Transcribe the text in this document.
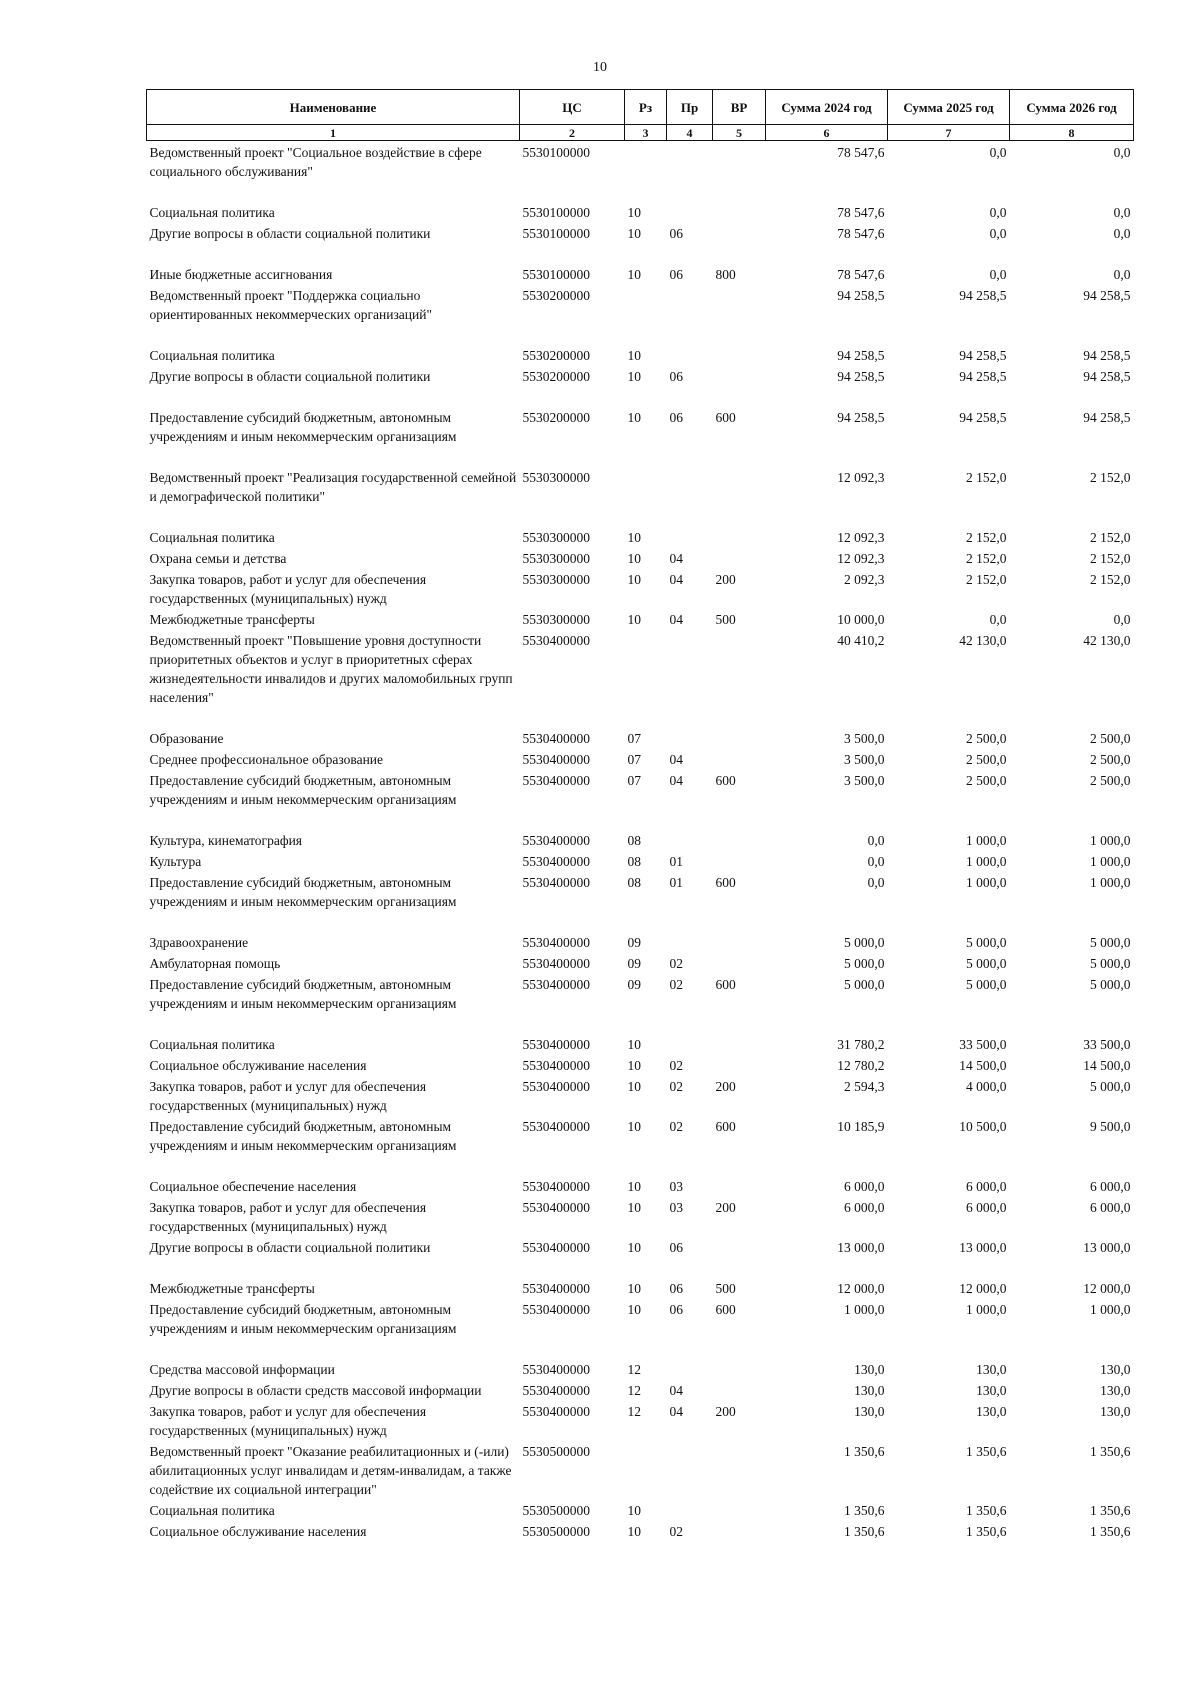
10
Наименование	ЦС	Рз	Пр	ВР	Сумма 2024 год	Сумма 2025 год	Сумма 2026 год
1	2	3	4	5	6	7	8
Ведомственный проект "Социальное воздействие в сфере социального обслуживания"	5530100000				78 547,6	0,0	0,0
Социальная политика	5530100000	10			78 547,6	0,0	0,0
Другие вопросы в области социальной политики	5530100000	10	06		78 547,6	0,0	0,0
Иные бюджетные ассигнования	5530100000	10	06	800	78 547,6	0,0	0,0
Ведомственный проект "Поддержка социально ориентированных некоммерческих организаций"	5530200000				94 258,5	94 258,5	94 258,5
Социальная политика	5530200000	10			94 258,5	94 258,5	94 258,5
Другие вопросы в области социальной политики	5530200000	10	06		94 258,5	94 258,5	94 258,5
Предоставление субсидий бюджетным, автономным учреждениям и иным некоммерческим организациям	5530200000	10	06	600	94 258,5	94 258,5	94 258,5
Ведомственный проект "Реализация государственной семейной и демографической политики"	5530300000				12 092,3	2 152,0	2 152,0
Социальная политика	5530300000	10			12 092,3	2 152,0	2 152,0
Охрана семьи и детства	5530300000	10	04		12 092,3	2 152,0	2 152,0
Закупка товаров, работ и услуг для обеспечения государственных (муниципальных) нужд	5530300000	10	04	200	2 092,3	2 152,0	2 152,0
Межбюджетные трансферты	5530300000	10	04	500	10 000,0	0,0	0,0
Ведомственный проект "Повышение уровня доступности приоритетных объектов и услуг в приоритетных сферах жизнедеятельности инвалидов и других маломобильных групп населения"	5530400000				40 410,2	42 130,0	42 130,0
Образование	5530400000	07			3 500,0	2 500,0	2 500,0
Среднее профессиональное образование	5530400000	07	04		3 500,0	2 500,0	2 500,0
Предоставление субсидий бюджетным, автономным учреждениям и иным некоммерческим организациям	5530400000	07	04	600	3 500,0	2 500,0	2 500,0
Культура, кинематография	5530400000	08			0,0	1 000,0	1 000,0
Культура	5530400000	08	01		0,0	1 000,0	1 000,0
Предоставление субсидий бюджетным, автономным учреждениям и иным некоммерческим организациям	5530400000	08	01	600	0,0	1 000,0	1 000,0
Здравоохранение	5530400000	09			5 000,0	5 000,0	5 000,0
Амбулаторная помощь	5530400000	09	02		5 000,0	5 000,0	5 000,0
Предоставление субсидий бюджетным, автономным учреждениям и иным некоммерческим организациям	5530400000	09	02	600	5 000,0	5 000,0	5 000,0
Социальная политика	5530400000	10			31 780,2	33 500,0	33 500,0
Социальное обслуживание населения	5530400000	10	02		12 780,2	14 500,0	14 500,0
Закупка товаров, работ и услуг для обеспечения государственных (муниципальных) нужд	5530400000	10	02	200	2 594,3	4 000,0	5 000,0
Предоставление субсидий бюджетным, автономным учреждениям и иным некоммерческим организациям	5530400000	10	02	600	10 185,9	10 500,0	9 500,0
Социальное обеспечение населения	5530400000	10	03		6 000,0	6 000,0	6 000,0
Закупка товаров, работ и услуг для обеспечения государственных (муниципальных) нужд	5530400000	10	03	200	6 000,0	6 000,0	6 000,0
Другие вопросы в области социальной политики	5530400000	10	06		13 000,0	13 000,0	13 000,0
Межбюджетные трансферты	5530400000	10	06	500	12 000,0	12 000,0	12 000,0
Предоставление субсидий бюджетным, автономным учреждениям и иным некоммерческим организациям	5530400000	10	06	600	1 000,0	1 000,0	1 000,0
Средства массовой информации	5530400000	12			130,0	130,0	130,0
Другие вопросы в области средств массовой информации	5530400000	12	04		130,0	130,0	130,0
Закупка товаров, работ и услуг для обеспечения государственных (муниципальных) нужд	5530400000	12	04	200	130,0	130,0	130,0
Ведомственный проект "Оказание реабилитационных и (-или) абилитационных услуг инвалидам и детям-инвалидам, а также содействие их социальной интеграции"	5530500000				1 350,6	1 350,6	1 350,6
Социальная политика	5530500000	10			1 350,6	1 350,6	1 350,6
Социальное обслуживание населения	5530500000	10	02		1 350,6	1 350,6	1 350,6
